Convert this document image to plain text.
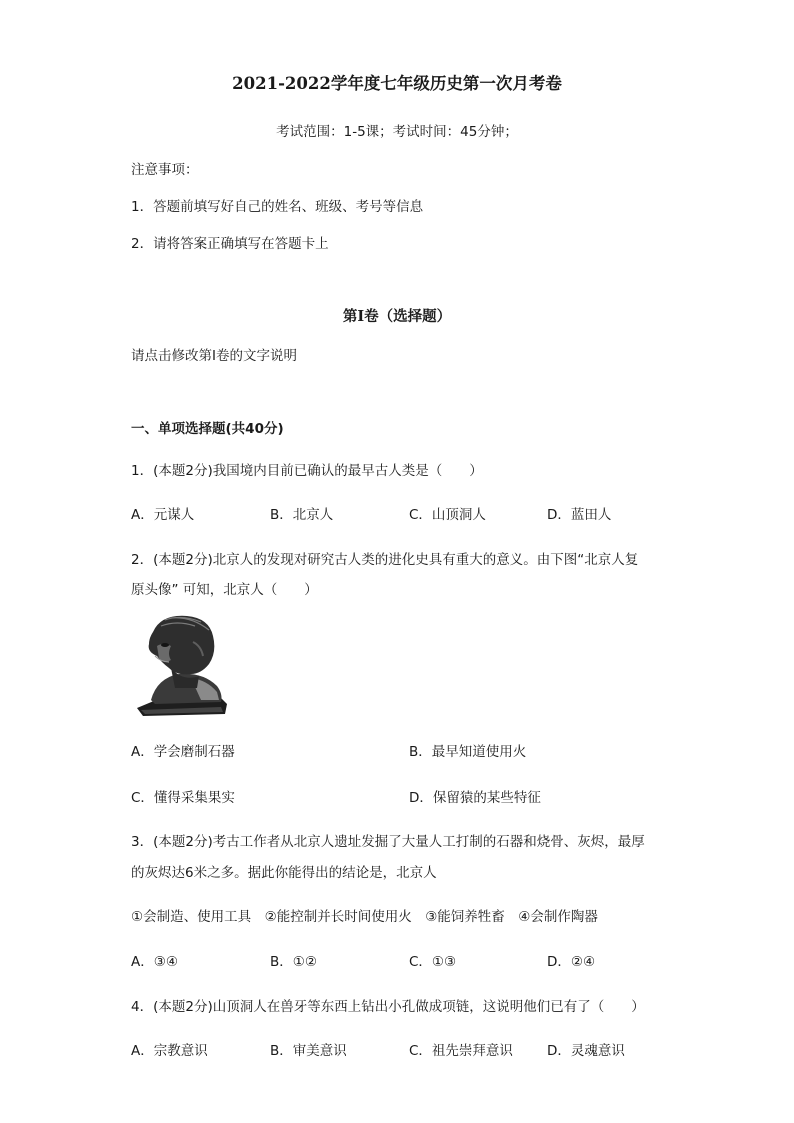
2021-2022学年度七年级历史第一次月考卷
考试范围：1-5课；考试时间：45分钟；
注意事项：
1．答题前填写好自己的姓名、班级、考号等信息
2．请将答案正确填写在答题卡上
第I卷（选择题）
请点击修改第I卷的文字说明
一、单项选择题(共40分)
1．(本题2分)我国境内目前已确认的最早古人类是（　　）
A．元谋人	B．北京人	C．山顶洞人	D．蓝田人
2．(本题2分)北京人的发现对研究古人类的进化史具有重大的意义。由下图“北京人复
原头像” 可知，北京人（　　）
A．学会磨制石器	B．最早知道使用火
C．懂得采集果实	D．保留猿的某些特征
3．(本题2分)考古工作者从北京人遗址发掘了大量人工打制的石器和烧骨、灰烬，最厚
的灰烬达6米之多。据此你能得出的结论是，北京人
①会制造、使用工具　②能控制并长时间使用火　③能饲养牲畜　④会制作陶器
A．③④	B．①②	C．①③	D．②④
4．(本题2分)山顶洞人在兽牙等东西上钻出小孔做成项链，这说明他们已有了（　　）
A．宗教意识	B．审美意识	C．祖先崇拜意识	D．灵魂意识
